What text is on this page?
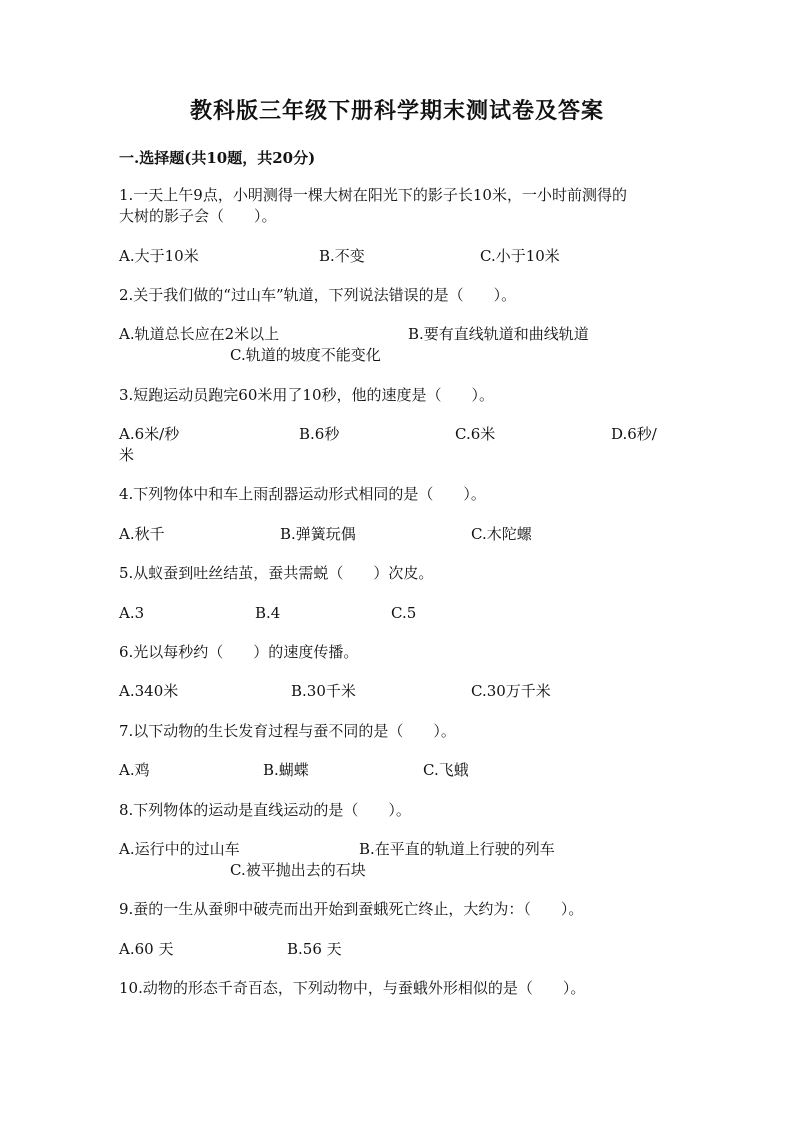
教科版三年级下册科学期末测试卷及答案
一.选择题(共10题，共20分)
1.一天上午9点，小明测得一棵大树在阳光下的影子长10米，一小时前测得的
大树的影子会（　　）。
A.大于10米	B.不变	C.小于10米
2.关于我们做的“过山车”轨道，下列说法错误的是（　　）。
A.轨道总长应在2米以上	B.要有直线轨道和曲线轨道
C.轨道的坡度不能变化
3.短跑运动员跑完60米用了10秒，他的速度是（　　）。
A.6米/秒	B.6秒	C.6米	D.6秒/
米
4.下列物体中和车上雨刮器运动形式相同的是（　　）。
A.秋千	B.弹簧玩偶	C.木陀螺
5.从蚁蚕到吐丝结茧，蚕共需蜕（　　）次皮。
A.3	B.4	C.5
6.光以每秒约（　　）的速度传播。
A.340米	B.30千米	C.30万千米
7.以下动物的生长发育过程与蚕不同的是（　　）。
A.鸡	B.蝴蝶	C.飞蛾
8.下列物体的运动是直线运动的是（　　）。
A.运行中的过山车	B.在平直的轨道上行驶的列车
C.被平抛出去的石块
9.蚕的一生从蚕卵中破壳而出开始到蚕蛾死亡终止，大约为：（　　）。
A.60 天	B.56 天
10.动物的形态千奇百态，下列动物中，与蚕蛾外形相似的是（　　）。
